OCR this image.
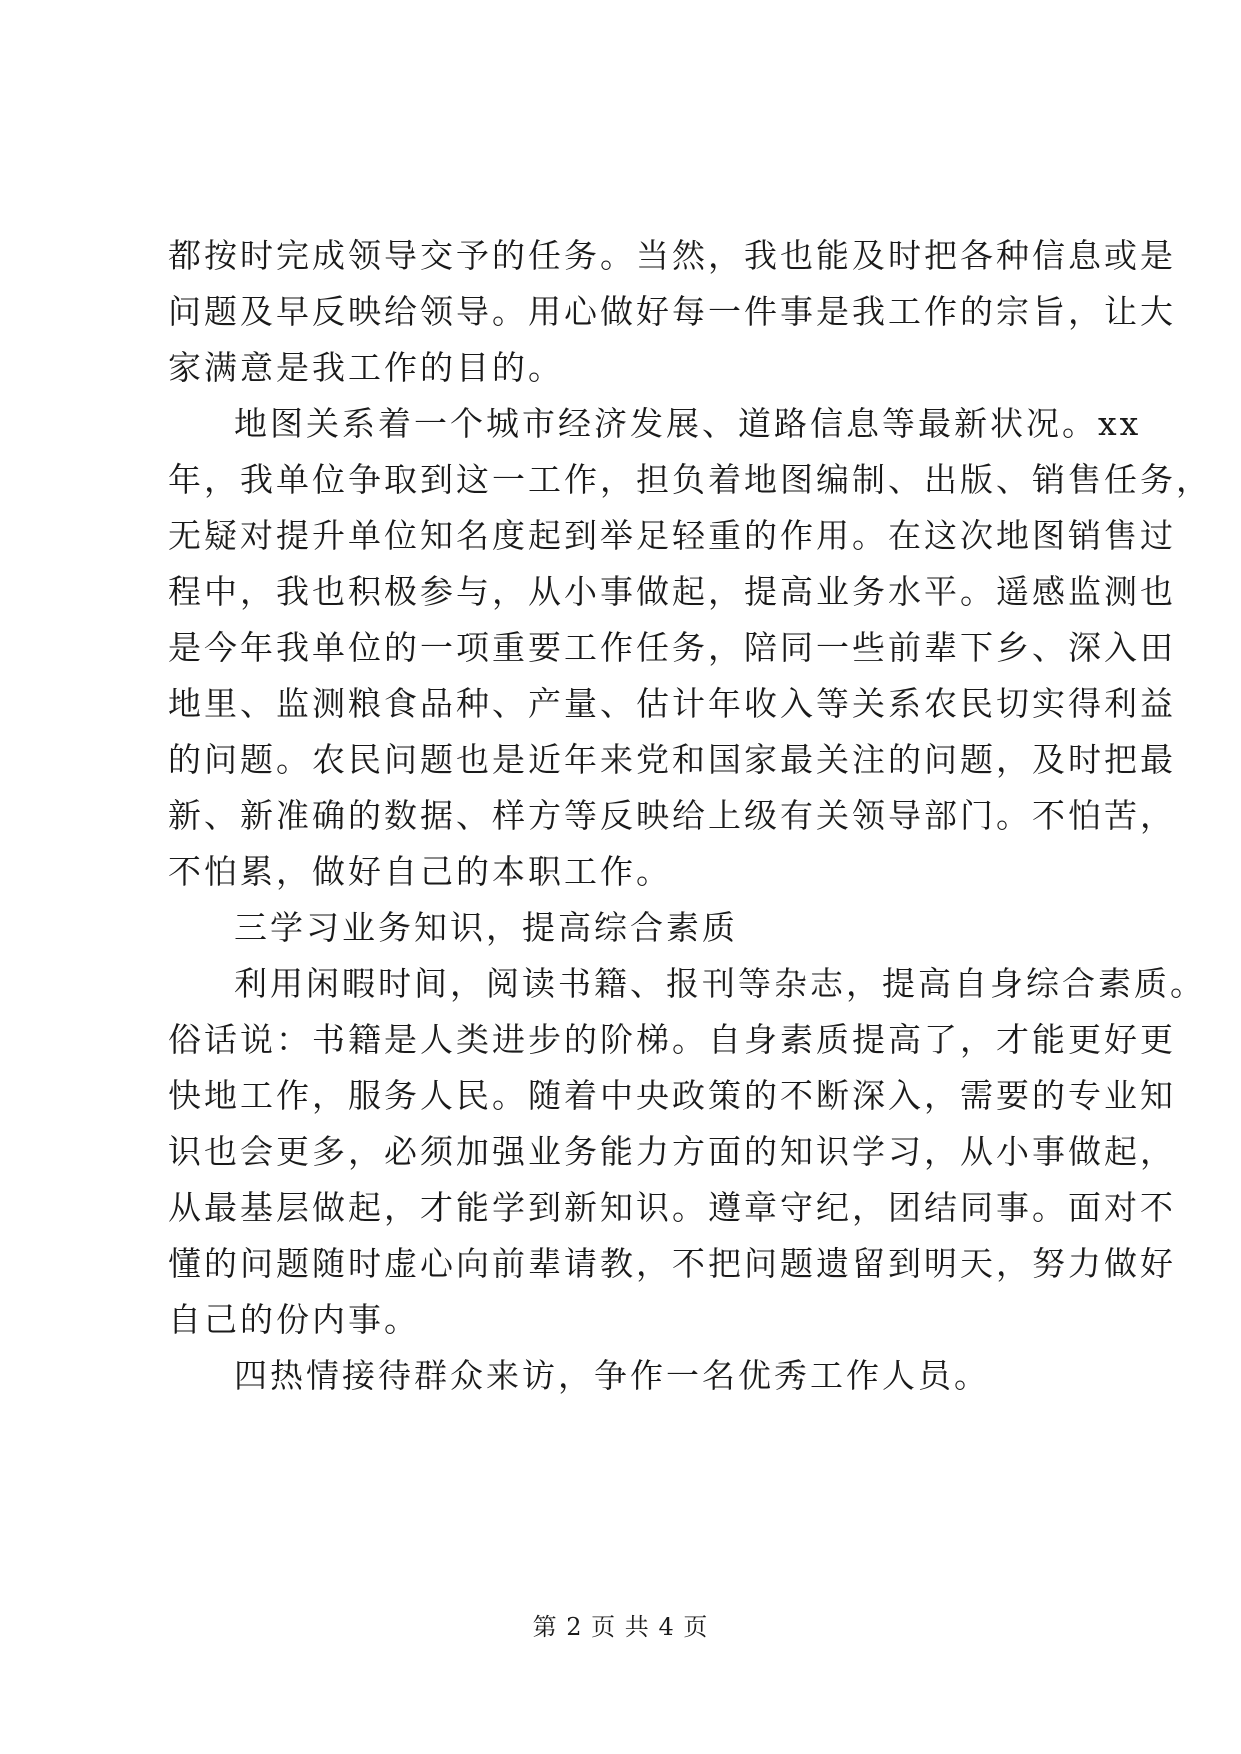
都按时完成领导交予的任务。当然，我也能及时把各种信息或是
问题及早反映给领导。用心做好每一件事是我工作的宗旨，让大
家满意是我工作的目的。
地图关系着一个城市经济发展、道路信息等最新状况。xx
年，我单位争取到这一工作，担负着地图编制、出版、销售任务，
无疑对提升单位知名度起到举足轻重的作用。在这次地图销售过
程中，我也积极参与，从小事做起，提高业务水平。遥感监测也
是今年我单位的一项重要工作任务，陪同一些前辈下乡、深入田
地里、监测粮食品种、产量、估计年收入等关系农民切实得利益
的问题。农民问题也是近年来党和国家最关注的问题，及时把最
新、新准确的数据、样方等反映给上级有关领导部门。不怕苦，
不怕累，做好自己的本职工作。
三学习业务知识，提高综合素质
利用闲暇时间，阅读书籍、报刊等杂志，提高自身综合素质。
俗话说：书籍是人类进步的阶梯。自身素质提高了，才能更好更
快地工作，服务人民。随着中央政策的不断深入，需要的专业知
识也会更多，必须加强业务能力方面的知识学习，从小事做起，
从最基层做起，才能学到新知识。遵章守纪，团结同事。面对不
懂的问题随时虚心向前辈请教，不把问题遗留到明天，努力做好
自己的份内事。
四热情接待群众来访，争作一名优秀工作人员。
第 2 页 共 4 页
